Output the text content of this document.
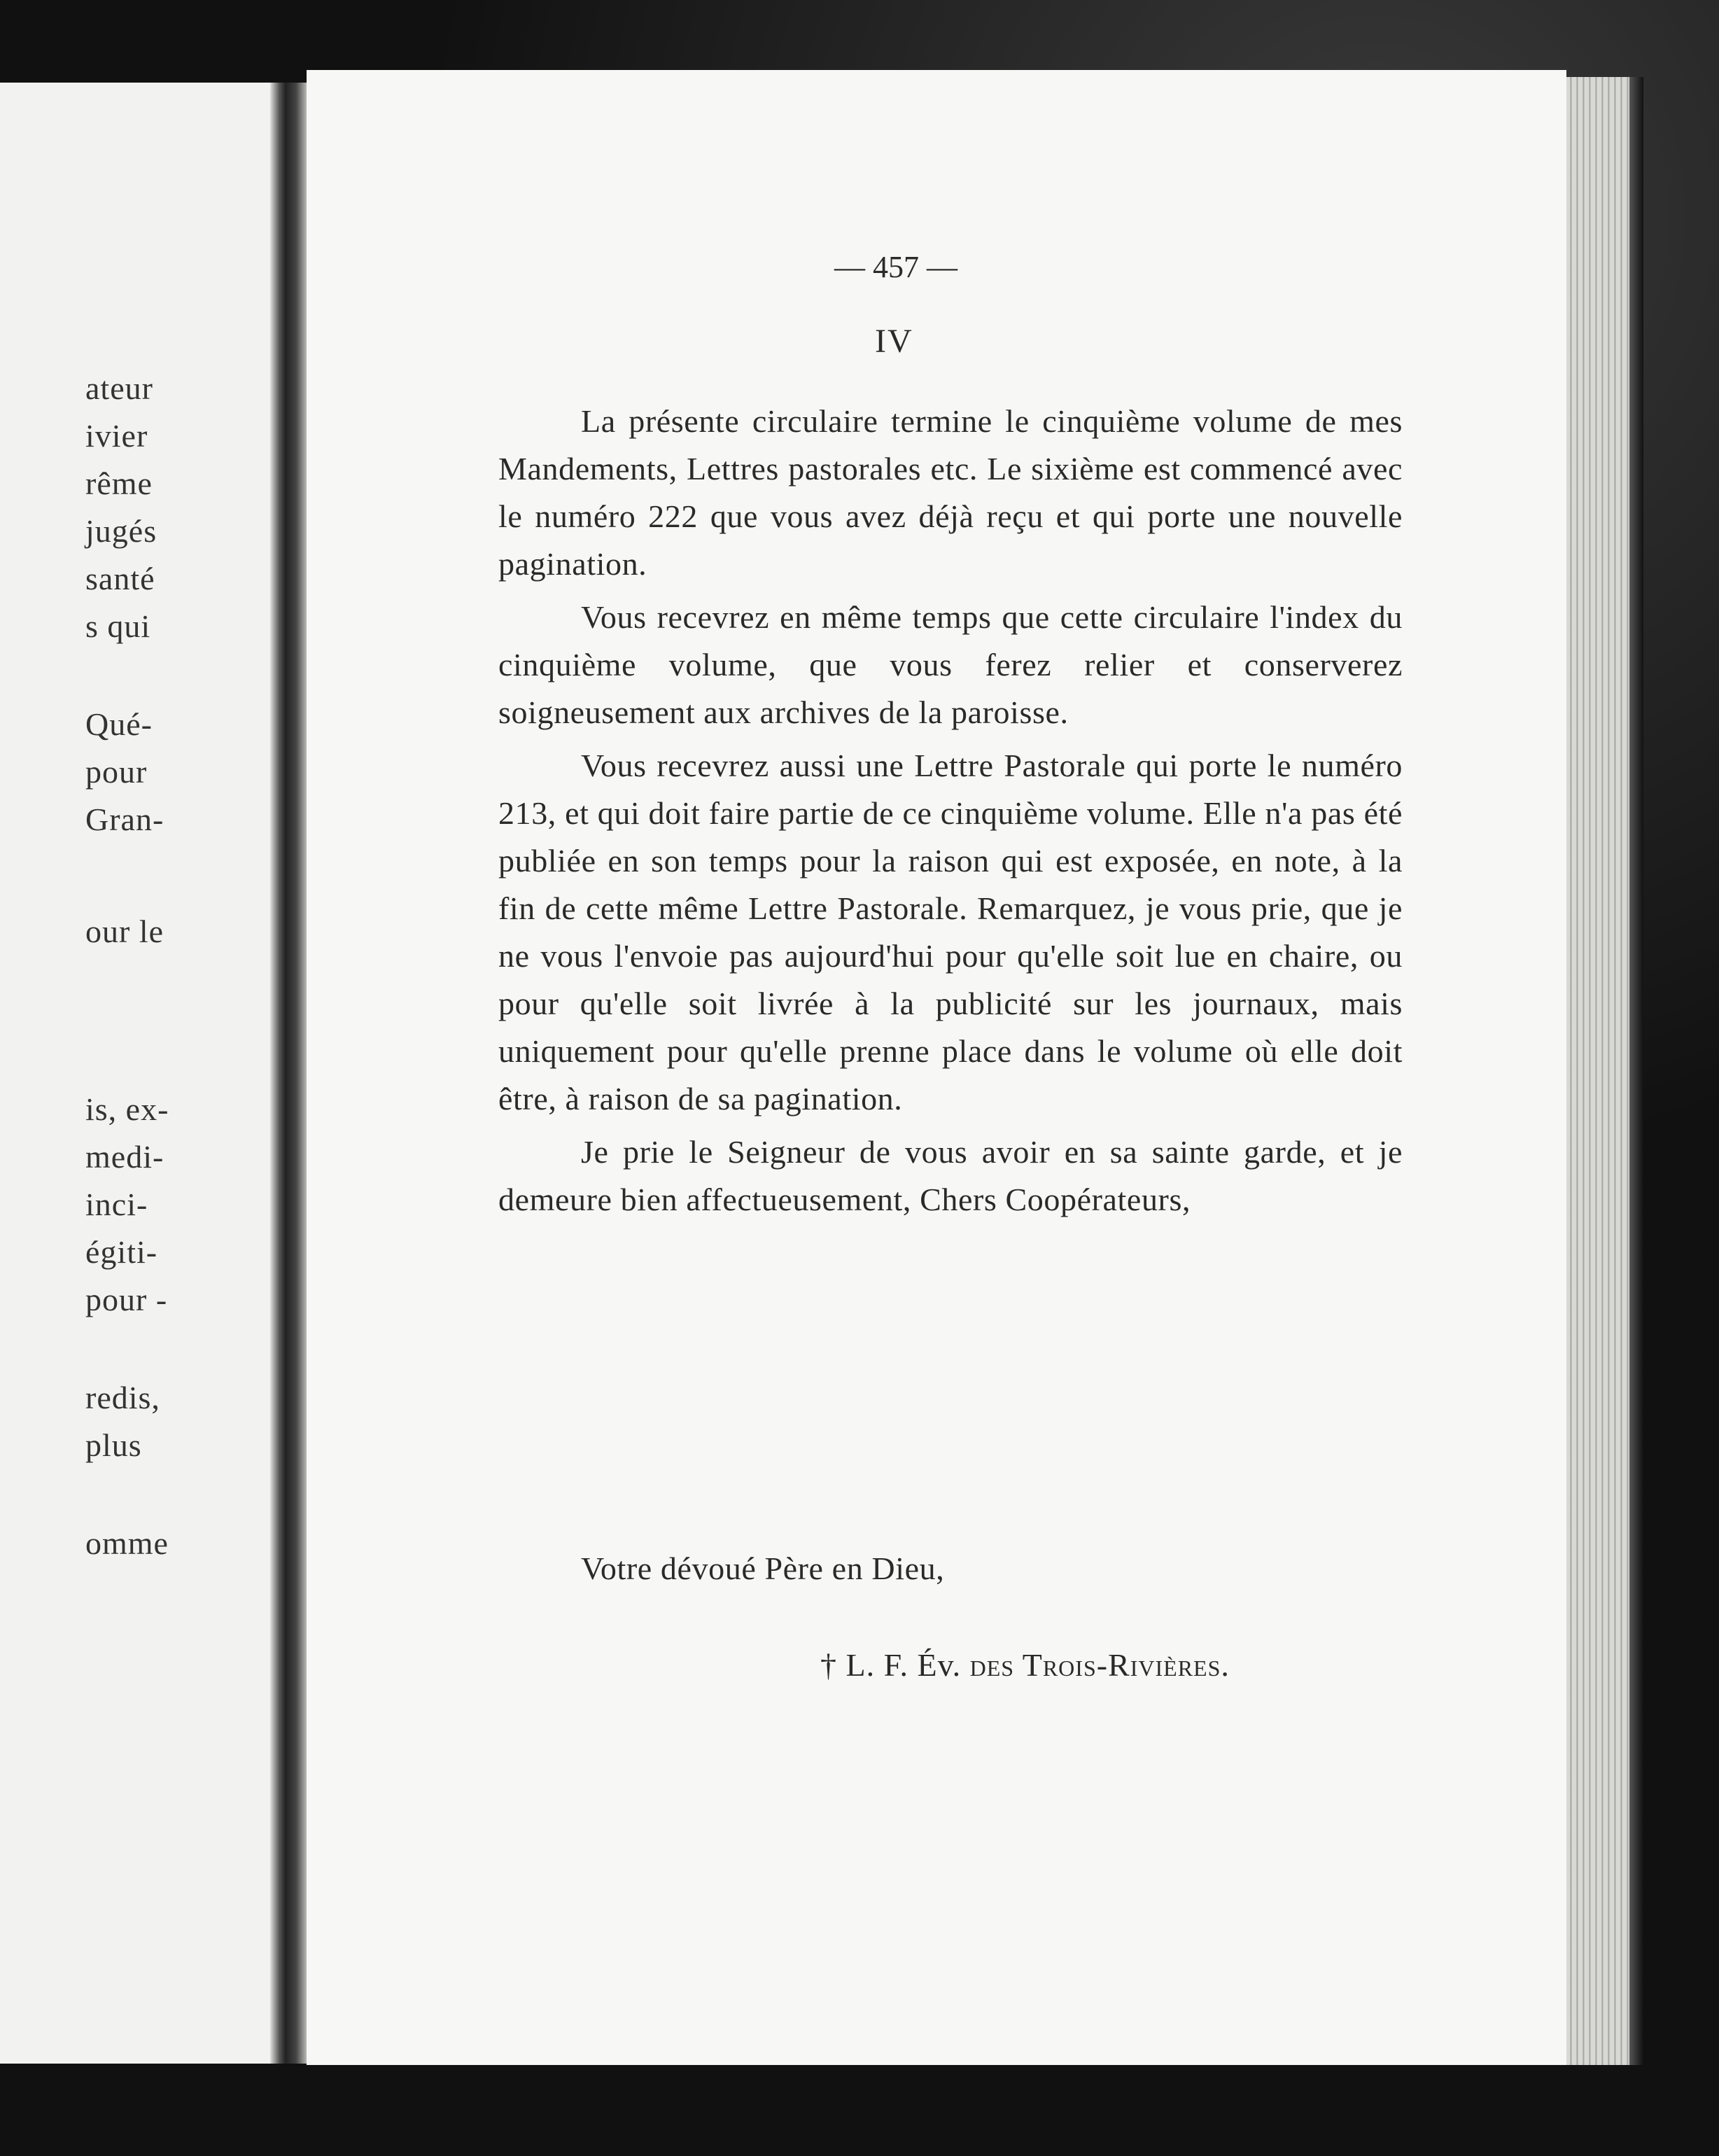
ateur
ivier
rême
jugés
santé
s qui
Qué-
pour
Gran-
our le
is, ex-
medi-
inci-
égiti-
pour -
redis,
plus
omme
— 457 —
IV

La présente circulaire termine le cinquième volume de mes Mandements, Lettres pastorales etc. Le sixième est commencé avec le numéro 222 que vous avez déjà reçu et qui porte une nouvelle pagination.

Vous recevrez en même temps que cette circulaire l'index du cinquième volume, que vous ferez relier et conserverez soigneusement aux archives de la paroisse.

Vous recevrez aussi une Lettre Pastorale qui porte le numéro 213, et qui doit faire partie de ce cinquième volume. Elle n'a pas été publiée en son temps pour la raison qui est exposée, en note, à la fin de cette même Lettre Pastorale. Remarquez, je vous prie, que je ne vous l'envoie pas aujourd'hui pour qu'elle soit lue en chaire, ou pour qu'elle soit livrée à la publicité sur les journaux, mais uniquement pour qu'elle prenne place dans le volume où elle doit être, à raison de sa pagination.

Je prie le Seigneur de vous avoir en sa sainte garde, et je demeure bien affectueusement, Chers Coopérateurs,

Votre dévoué Père en Dieu,
† L. F. Év. des Trois-Rivières.
